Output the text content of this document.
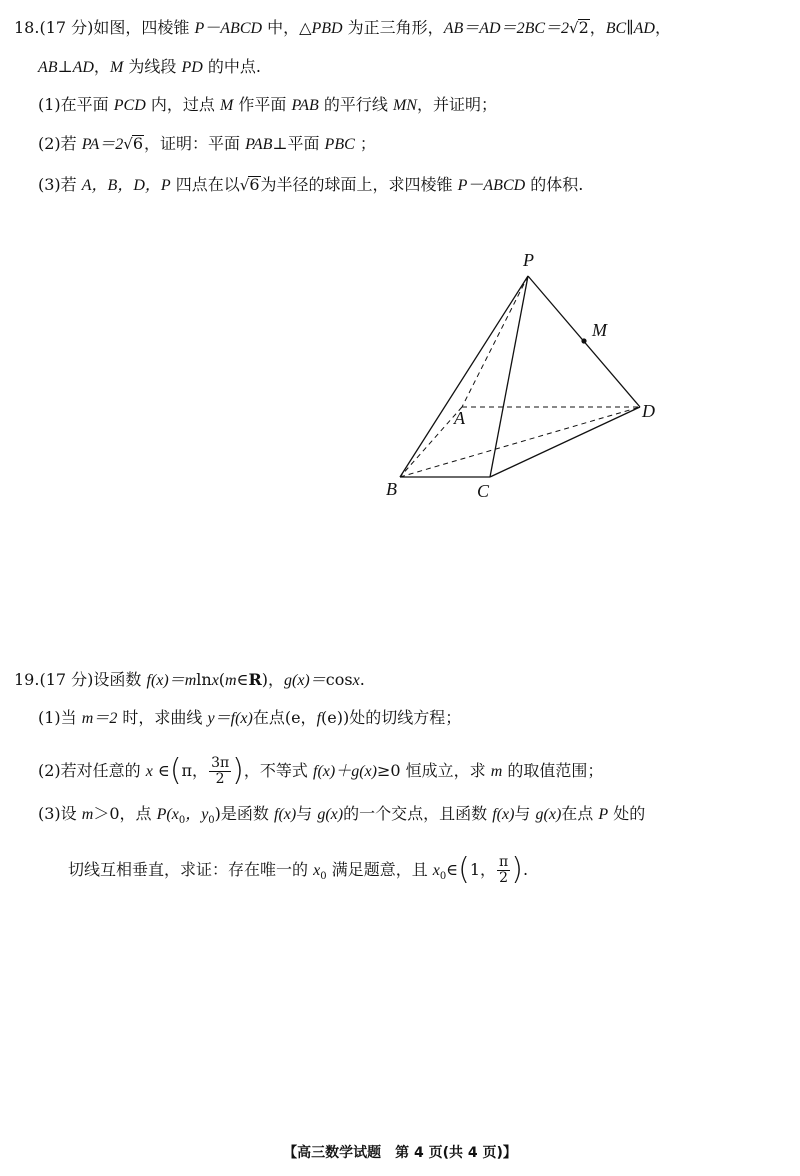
18.(17 分)如图，四棱锥 P－ABCD 中，△PBD 为正三角形，AB＝AD＝2BC＝2√2，BC∥AD，
AB⊥AD，M 为线段 PD 的中点.
(1)在平面 PCD 内，过点 M 作平面 PAB 的平行线 MN，并证明；
(2)若 PA＝2√6，证明：平面 PAB⊥平面 PBC ；
(3)若 A，B，D，P 四点在以√6为半径的球面上，求四棱锥 P－ABCD 的体积.
P
M
A	D
B	C
19.(17 分)设函数 f(x)＝mlnx(m∈R)，g(x)＝cosx.
(1)当 m＝2 时，求曲线 y＝f(x)在点(e，f(e))处的切线方程；
(2)若对任意的 x ∈(π， $\frac{3\pi}{2}$ )，不等式 f(x)＋g(x)≥0 恒成立，求 m 的取值范围；
(3)设 m＞0，点 $P(x_0$，$y_0$)是函数 f(x)与 g(x)的一个交点，且函数 f(x)与 g(x)在点 P 处的
切线互相垂直，求证：存在唯一的 $x_0$ 满足题意，且 $x_0\in(1$， $\frac{\pi}{2}$ ).
【高三数学试题　第 4 页(共 4 页)】
